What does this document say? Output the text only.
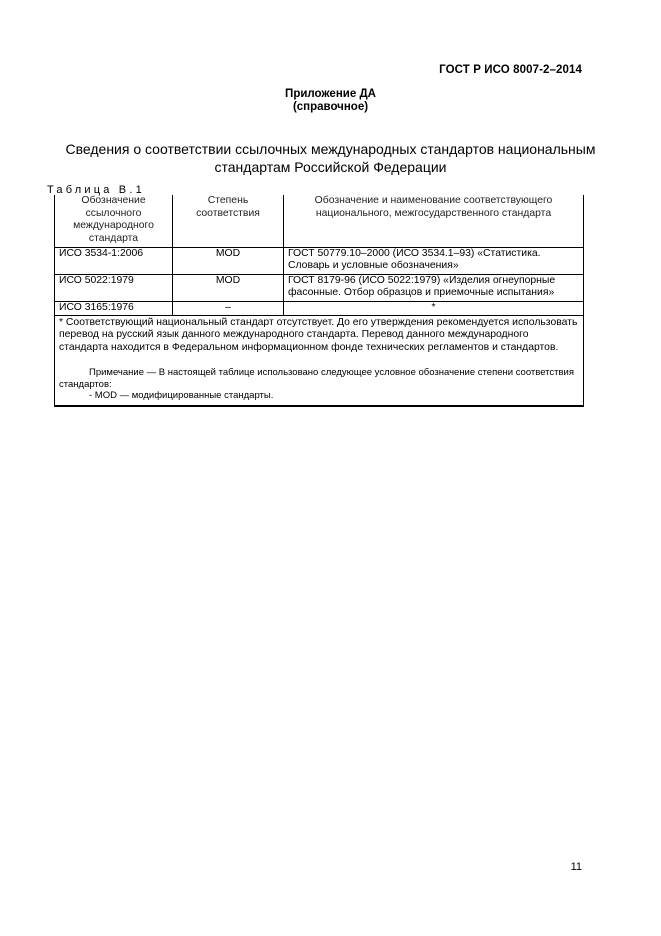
ГОСТ Р ИСО 8007-2–2014
Приложение ДА
(справочное)
Сведения о соответствии ссылочных международных стандартов национальным
стандартам Российской Федерации
Таблица В.1
Обозначение ссылочного международного стандарта	Степень соответствия	Обозначение и наименование соответствующего национального, межгосударственного стандарта
ИСО 3534-1:2006	MOD	ГОСТ 50779.10–2000 (ИСО 3534.1–93) «Статистика. Словарь и условные обозначения»
ИСО 5022:1979	MOD	ГОСТ 8179-96 (ИСО 5022:1979) «Изделия огнеупорные фасонные. Отбор образцов и приемочные испытания»
ИСО 3165:1976	–	*

* Соответствующий национальный стандарт отсутствует. До его утверждения рекомендуется использовать перевод на русский язык данного международного стандарта. Перевод данного международного стандарта находится в Федеральном информационном фонде технических регламентов и стандартов.
Примечание — В настоящей таблице использовано следующее условное обозначение степени соответствия стандартов:
- MOD — модифицированные стандарты.		
11
